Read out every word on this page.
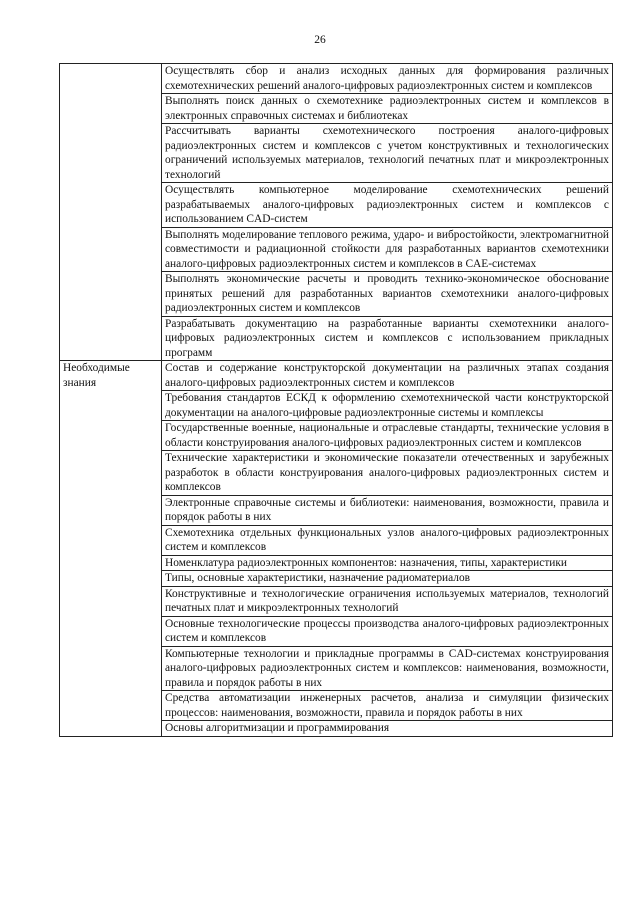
26
	Осуществлять сбор и анализ исходных данных для формирования различных схемотехнических решений аналого-цифровых радиоэлектронных систем и комплексов
	Выполнять поиск данных о схемотехнике радиоэлектронных систем и комплексов в электронных справочных системах и библиотеках
	Рассчитывать варианты схемотехнического построения аналого-цифровых радиоэлектронных систем и комплексов с учетом конструктивных и технологических ограничений используемых материалов, технологий печатных плат и микроэлектронных технологий
	Осуществлять компьютерное моделирование схемотехнических решений разрабатываемых аналого-цифровых радиоэлектронных систем и комплексов с использованием CAD-систем
	Выполнять моделирование теплового режима, ударо- и вибростойкости, электромагнитной совместимости и радиационной стойкости для разработанных вариантов схемотехники аналого-цифровых радиоэлектронных систем и комплексов в CAE-системах
	Выполнять экономические расчеты и проводить технико-экономическое обоснование принятых решений для разработанных вариантов схемотехники аналого-цифровых радиоэлектронных систем и комплексов
	Разрабатывать документацию на разработанные варианты схемотехники аналого-цифровых радиоэлектронных систем и комплексов с использованием прикладных программ
Необходимые знания	Состав и содержание конструкторской документации на различных этапах создания аналого-цифровых радиоэлектронных систем и комплексов
	Требования стандартов ЕСКД к оформлению схемотехнической части конструкторской документации на аналого-цифровые радиоэлектронные системы и комплексы
	Государственные военные, национальные и отраслевые стандарты, технические условия в области конструирования аналого-цифровых радиоэлектронных систем и комплексов
	Технические характеристики и экономические показатели отечественных и зарубежных разработок в области конструирования аналого-цифровых радиоэлектронных систем и комплексов
	Электронные справочные системы и библиотеки: наименования, возможности, правила и порядок работы в них
	Схемотехника отдельных функциональных узлов аналого-цифровых радиоэлектронных систем и комплексов
	Номенклатура радиоэлектронных компонентов: назначения, типы, характеристики
	Типы, основные характеристики, назначение радиоматериалов
	Конструктивные и технологические ограничения используемых материалов, технологий печатных плат и микроэлектронных технологий
	Основные технологические процессы производства аналого-цифровых радиоэлектронных систем и комплексов
	Компьютерные технологии и прикладные программы в CAD-системах конструирования аналого-цифровых радиоэлектронных систем и комплексов: наименования, возможности, правила и порядок работы в них
	Средства автоматизации инженерных расчетов, анализа и симуляции физических процессов: наименования, возможности, правила и порядок работы в них
	Основы алгоритмизации и программирования
